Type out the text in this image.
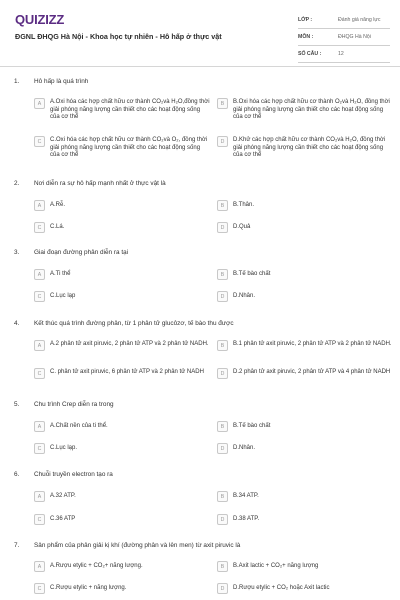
QUIZIZZ
ĐGNL ĐHQG Hà Nội - Khoa học tự nhiên - Hô hấp ở thực vật
LỚP :	Đánh giá năng lực
MÔN :	ĐHQG Hà Nội
SỐ CÂU :	12
1. Hô hấp là quá trình
A	A.Oxi hóa các hợp chất hữu cơ thành CO₂và H₂O,đồng thời giải phóng năng lượng cần thiết cho các hoạt động sống của cơ thể
B	B.Oxi hóa các hợp chất hữu cơ thành O₂và H₂O, đồng thời giải phóng năng lượng cần thiết cho các hoạt động sống của cơ thể
C	C.Oxi hóa các hợp chất hữu cơ thành CO₂và O₂, đồng thời giải phóng năng lượng cần thiết cho các hoạt động sống của cơ thể
D	D.Khử các hợp chất hữu cơ thành CO₂và H₂O, đồng thời giải phóng năng lượng cần thiết cho các hoạt động sống của cơ thể
2. Nơi diễn ra sự hô hấp mạnh nhất ở thực vật là
A	A.Rễ.	B	B.Thân.
C	C.Lá.	D	D.Quả
3. Giai đoạn đường phân diễn ra tại
A	A.Ti thể	B	B.Tế bào chất
C	C.Lục lạp	D	D.Nhân.
4. Kết thúc quá trình đường phân, từ 1 phân tử glucôzơ, tế bào thu được
A	A.2 phân tử axit piruvic, 2 phân tử ATP và 2 phân tử NADH.	B	B.1 phân tử axit piruvic, 2 phân tử ATP và 2 phân tử NADH.
C	C. phân tử axit piruvic, 6 phân tử ATP và 2 phân tử NADH	D	D.2 phân tử axit piruvic, 2 phân tử ATP và 4 phân tử NADH
5. Chu trình Crep diễn ra trong
A	A.Chất nền của ti thể.	B	B.Tế bào chất
C	C.Lục lạp.	D	D.Nhân.
6. Chuỗi truyền electron tạo ra
A	A.32 ATP.	B	B.34 ATP.
C	C.36 ATP	D	D.38 ATP.
7. Sản phẩm của phân giải kị khí (đường phân và lên men) từ axit piruvic là
A	A.Rượu etylic + CO₂+ năng lượng.	B	B.Axit lactic + CO₂+ năng lượng
C	C.Rượu etylic + năng lượng.	D	D.Rượu etylic + CO₂ hoặc Axit lactic
